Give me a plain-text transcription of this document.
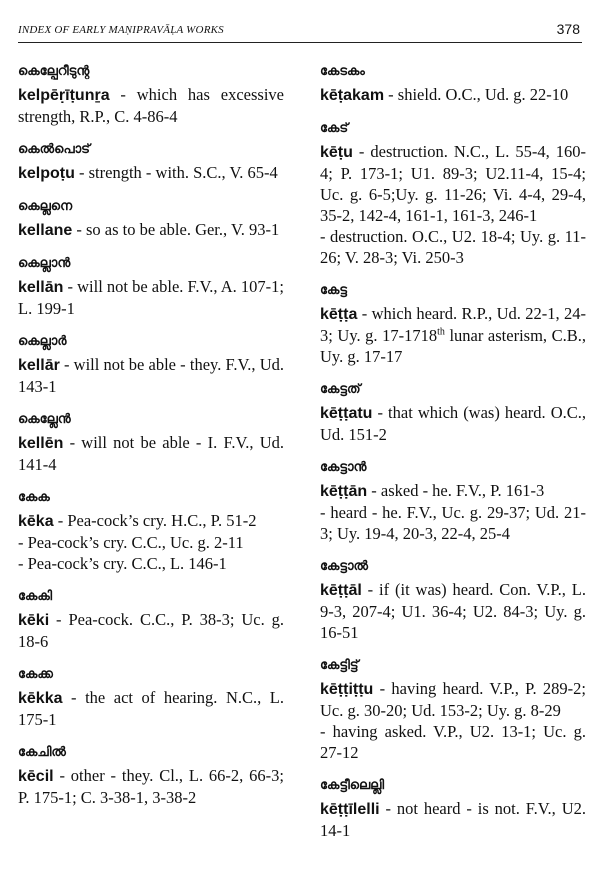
INDEX OF EARLY MAṆIPRAVĀḶA WORKS	378
കെല്പേറീടുന്റ

kelpēṛīṭunṟa - which has excessive strength, R.P., C. 4-86-4

കെൽപൊട്

kelpoṭu - strength - with. S.C., V. 65-4

കെല്ലനെ

kellane - so as to be able. Ger., V. 93-1

കെല്ലാൻ

kellān - will not be able. F.V., A. 107-1; L. 199-1

കെല്ലാർ

kellār - will not be able - they. F.V., Ud. 143-1

കെല്ലേൻ

kellēn - will not be able - I. F.V., Ud. 141-4

കേക

kēka - Pea-cock’s cry. H.C., P. 51-2

- Pea-cock’s cry. C.C., Uc. g. 2-11

- Pea-cock’s cry. C.C., L. 146-1

കേകി

kēki - Pea-cock. C.C., P. 38-3; Uc. g. 18-6

കേക്ക

kēkka - the act of hearing. N.C., L. 175-1

കേചിൽ

kēcil - other - they. Cl., L. 66-2, 66-3; P. 175-1; C. 3-38-1, 3-38-2

കേടകം

kēṭakam - shield. O.C., Ud. g. 22-10

കേട്

kēṭu - destruction. N.C., L. 55-4, 160-4; P. 173-1; U1. 89-3; U2.11-4, 15-4; Uc. g. 6-5;Uy. g. 11-26; Vi. 4-4, 29-4, 35-2, 142-4, 161-1, 161-3, 246-1

- destruction. O.C., U2. 18-4; Uy. g. 11-26; V. 28-3; Vi. 250-3

കേട്ട

kēṭṭa - which heard. R.P., Ud. 22-1, 24-3; Uy. g. 17-1718th lunar asterism, C.B., Uy. g. 17-17

കേട്ടത്

kēṭṭatu - that which (was) heard. O.C., Ud. 151-2

കേട്ടാൻ

kēṭṭān - asked - he. F.V., P. 161-3

- heard - he. F.V., Uc. g. 29-37; Ud. 21-3; Uy. 19-4, 20-3, 22-4, 25-4

കേട്ടാൽ

kēṭṭāl - if (it was) heard. Con. V.P., L. 9-3, 207-4; U1. 36-4; U2. 84-3; Uy. g. 16-51

കേട്ടിട്ട്

kēṭṭiṭṭu - having heard. V.P., P. 289-2; Uc. g. 30-20; Ud. 153-2; Uy. g. 8-29

- having asked. V.P., U2. 13-1; Uc. g. 27-12

കേട്ടീലെല്ലി

kēṭṭīlelli - not heard - is not. F.V., U2. 14-1
